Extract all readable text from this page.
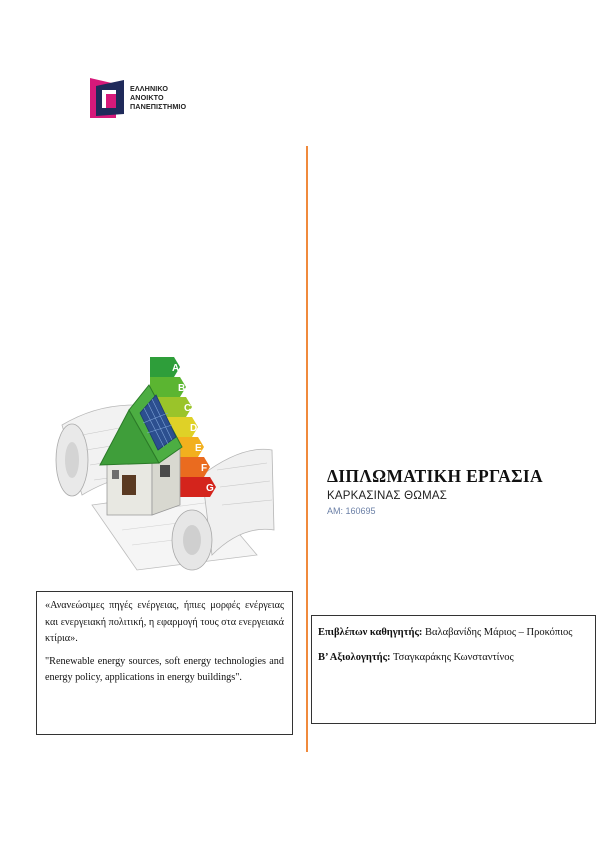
ΕΛΛΗΝΙΚΟ
ΑΝΟΙΚΤΟ
ΠΑΝΕΠΙΣΤΗΜΙΟ
A
B
C
D
E
F
G
ΔΙΠΛΩΜΑΤΙΚΗ ΕΡΓΑΣΙΑ
ΚΑΡΚΑΣΙΝΑΣ ΘΩΜΑΣ
ΑΜ: 160695

«Ανανεώσιμες πηγές ενέργειας, ήπιες μορφές ενέργειας και ενεργειακή πολιτική, η εφαρμογή τους στα ενεργειακά κτίρια».

"Renewable energy sources, soft energy technologies and energy policy, applications in energy buildings".

Επιβλέπων καθηγητής: Βαλαβανίδης Μάριος – Προκόπιος

Β’ Αξιολογητής: Τσαγκαράκης Κωνσταντίνος
